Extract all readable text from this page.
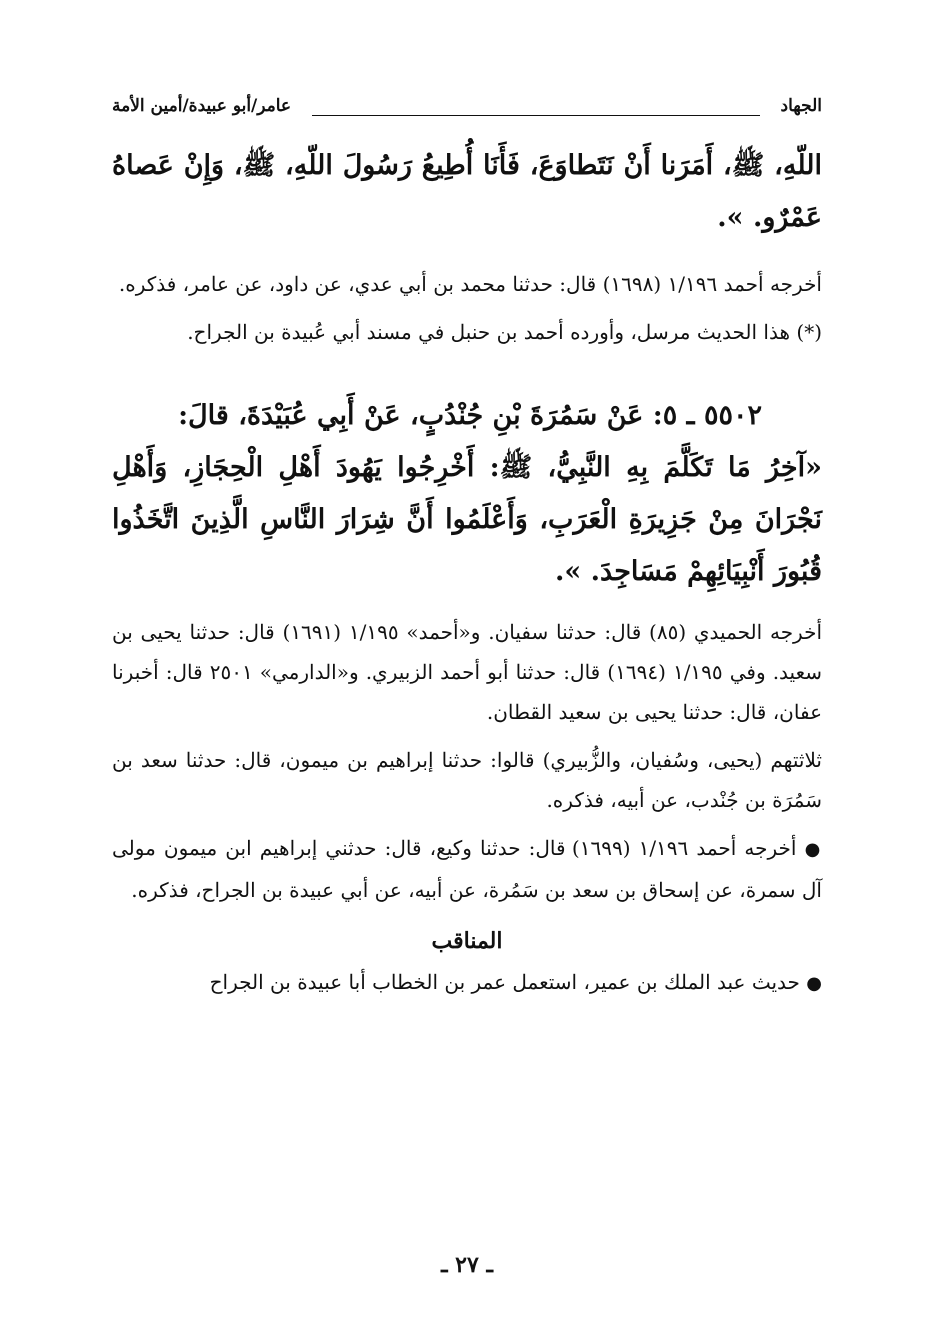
الجهاد
عامر/أبو عبيدة/أمين الأمة

اللّهِ، ﷺ، أَمَرَنا أَنْ نَتَطاوَعَ، فَأَنَا أُطِيعُ رَسُولَ اللّهِ، ﷺ، وَإِنْ عَصاهُ عَمْرٌو. ».

أخرجه أحمد ١/١٩٦ (١٦٩٨) قال: حدثنا محمد بن أبي عدي، عن داود، عن عامر، فذكره.

(*) هذا الحديث مرسل، وأورده أحمد بن حنبل في مسند أبي عُبيدة بن الجراح.

٥٥٠٢ ـ ٥: عَنْ سَمُرَةَ بْنِ جُنْدُبٍ، عَنْ أَبِي عُبَيْدَةَ، قالَ:

«آخِرُ مَا تَكَلَّمَ بِهِ النَّبِيُّ، ﷺ: أَخْرِجُوا يَهُودَ أَهْلِ الْحِجَازِ، وَأَهْلِ نَجْرَانَ مِنْ جَزِيرَةِ الْعَرَبِ، وَأَعْلَمُوا أَنَّ شِرَارَ النَّاسِ الَّذِينَ اتَّخَذُوا قُبُورَ أَنْبِيَائِهِمْ مَسَاجِدَ. ».

أخرجه الحميدي (٨٥) قال: حدثنا سفيان. و«أحمد» ١/١٩٥ (١٦٩١) قال: حدثنا يحيى بن سعيد. وفي ١/١٩٥ (١٦٩٤) قال: حدثنا أبو أحمد الزبيري. و«الدارمي» ٢٥٠١ قال: أخبرنا عفان، قال: حدثنا يحيى بن سعيد القطان.

ثلاثتهم (يحيى، وسُفيان، والزُّبيري) قالوا: حدثنا إبراهيم بن ميمون، قال: حدثنا سعد بن سَمُرَة بن جُنْدب، عن أبيه، فذكره.

● أخرجه أحمد ١/١٩٦ (١٦٩٩) قال: حدثنا وكيع، قال: حدثني إبراهيم ابن ميمون مولى آل سمرة، عن إسحاق بن سعد بن سَمُرة، عن أبيه، عن أبي عبيدة بن الجراح، فذكره.

المناقب

● حديث عبد الملك بن عمير، استعمل عمر بن الخطاب أبا عبيدة بن الجراح

ـ ٢٧ ـ
